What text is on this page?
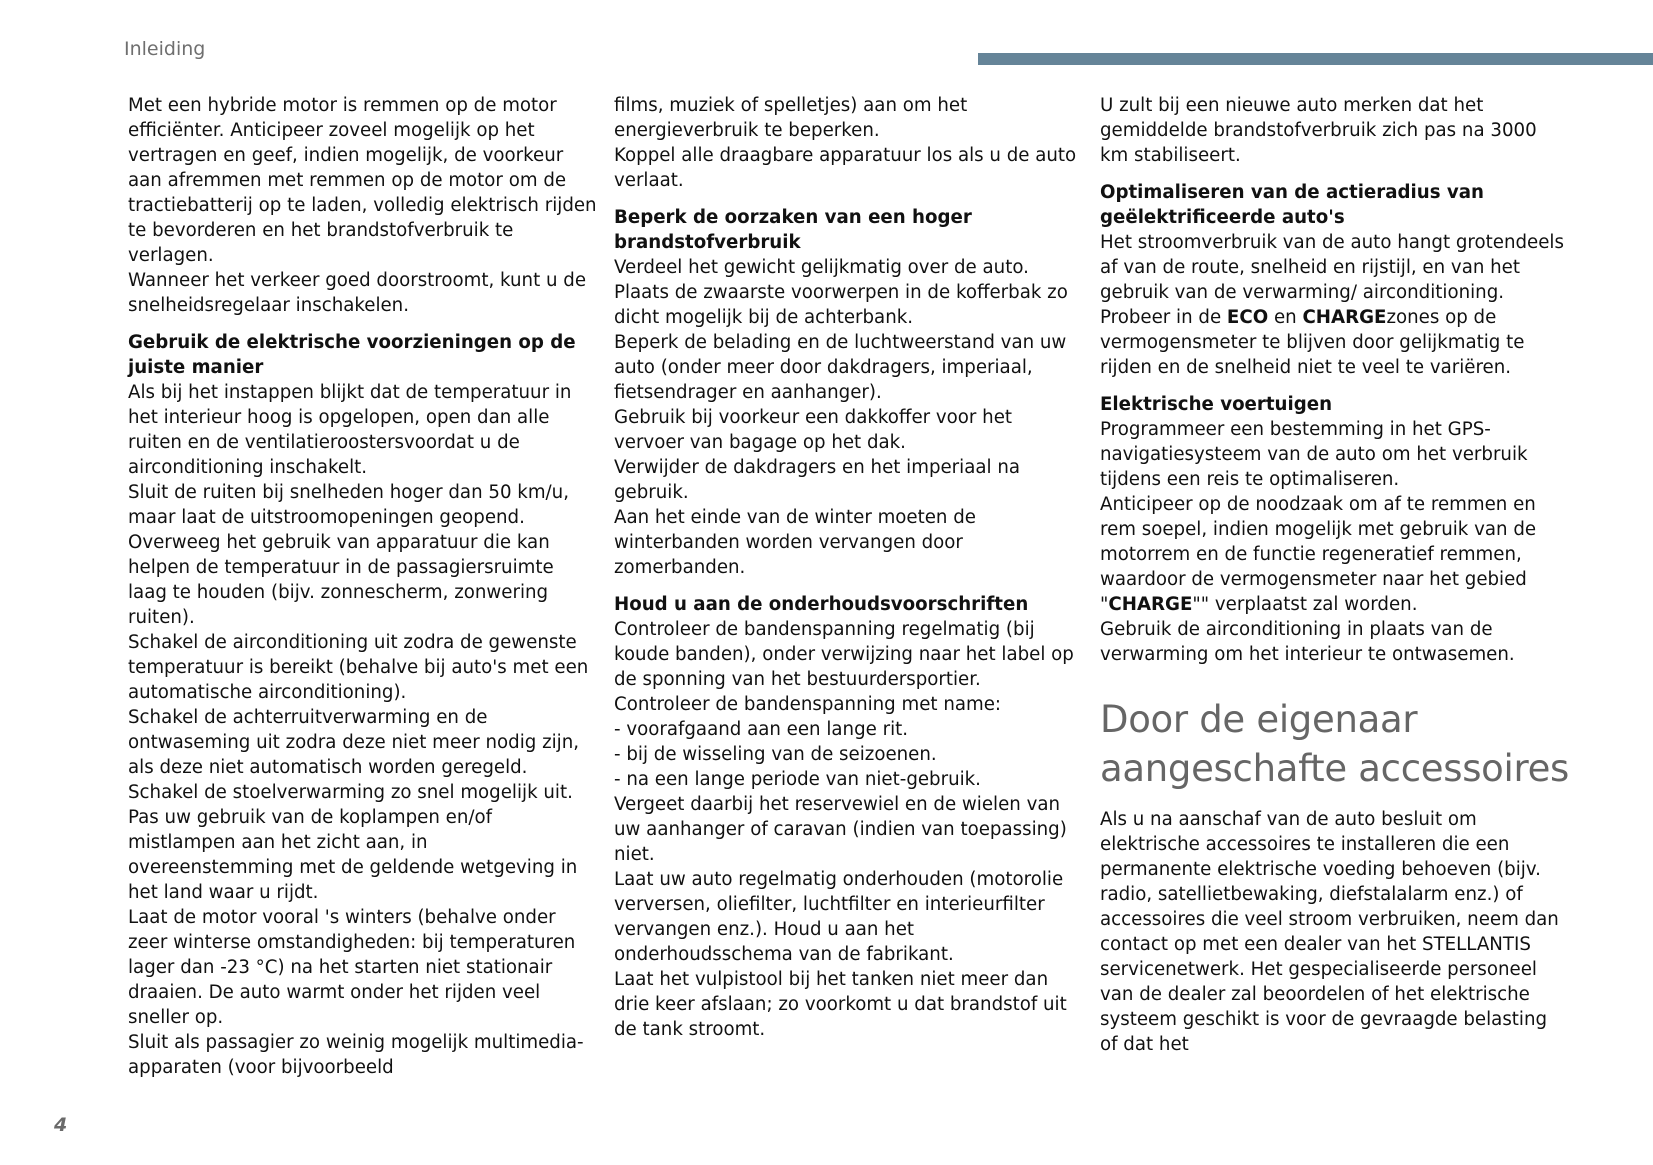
Inleiding

Met een hybride motor is remmen op de motor efficiënter. Anticipeer zoveel mogelijk op het vertragen en geef, indien mogelijk, de voorkeur aan afremmen met remmen op de motor om de tractiebatterij op te laden, volledig elektrisch rijden te bevorderen en het brandstofverbruik te verlagen.

Wanneer het verkeer goed doorstroomt, kunt u de snelheidsregelaar inschakelen.

Gebruik de elektrische voorzieningen op de juiste manier

Als bij het instappen blijkt dat de temperatuur in het interieur hoog is opgelopen, open dan alle ruiten en de ventilatieroostersvoordat u de airconditioning inschakelt.

Sluit de ruiten bij snelheden hoger dan 50 km/u, maar laat de uitstroomopeningen geopend.

Overweeg het gebruik van apparatuur die kan helpen de temperatuur in de passagiersruimte laag te houden (bijv. zonnescherm, zonwering ruiten).

Schakel de airconditioning uit zodra de gewenste temperatuur is bereikt (behalve bij auto's met een automatische airconditioning).

Schakel de achterruitverwarming en de ontwaseming uit zodra deze niet meer nodig zijn, als deze niet automatisch worden geregeld.

Schakel de stoelverwarming zo snel mogelijk uit.

Pas uw gebruik van de koplampen en/of mistlampen aan het zicht aan, in overeenstemming met de geldende wetgeving in het land waar u rijdt.

Laat de motor vooral 's winters (behalve onder zeer winterse omstandigheden: bij temperaturen lager dan -23 °C) na het starten niet stationair draaien. De auto warmt onder het rijden veel sneller op.

Sluit als passagier zo weinig mogelijk multimedia-apparaten (voor bijvoorbeeld

films, muziek of spelletjes) aan om het energieverbruik te beperken.

Koppel alle draagbare apparatuur los als u de auto verlaat.

Beperk de oorzaken van een hoger brandstofverbruik

Verdeel het gewicht gelijkmatig over de auto.

Plaats de zwaarste voorwerpen in de kofferbak zo dicht mogelijk bij de achterbank.

Beperk de belading en de luchtweerstand van uw auto (onder meer door dakdragers, imperiaal, fietsendrager en aanhanger).

Gebruik bij voorkeur een dakkoffer voor het vervoer van bagage op het dak.

Verwijder de dakdragers en het imperiaal na gebruik.

Aan het einde van de winter moeten de winterbanden worden vervangen door zomerbanden.

Houd u aan de onderhoudsvoorschriften

Controleer de bandenspanning regelmatig (bij koude banden), onder verwijzing naar het label op de sponning van het bestuurdersportier.

Controleer de bandenspanning met name:

- voorafgaand aan een lange rit.

- bij de wisseling van de seizoenen.

- na een lange periode van niet-gebruik.

Vergeet daarbij het reservewiel en de wielen van uw aanhanger of caravan (indien van toepassing) niet.

Laat uw auto regelmatig onderhouden (motorolie verversen, oliefilter, luchtfilter en interieurfilter vervangen enz.). Houd u aan het onderhoudsschema van de fabrikant.

Laat het vulpistool bij het tanken niet meer dan drie keer afslaan; zo voorkomt u dat brandstof uit de tank stroomt.

U zult bij een nieuwe auto merken dat het gemiddelde brandstofverbruik zich pas na 3000 km stabiliseert.

Optimaliseren van de actieradius van geëlektrificeerde auto's

Het stroomverbruik van de auto hangt grotendeels af van de route, snelheid en rijstijl, en van het gebruik van de verwarming/ airconditioning.

Probeer in de ECO en CHARGEzones op de vermogensmeter te blijven door gelijkmatig te rijden en de snelheid niet te veel te variëren.

Elektrische voertuigen

Programmeer een bestemming in het GPS-navigatiesysteem van de auto om het verbruik tijdens een reis te optimaliseren.

Anticipeer op de noodzaak om af te remmen en rem soepel, indien mogelijk met gebruik van de motorrem en de functie regeneratief remmen, waardoor de vermogensmeter naar het gebied "CHARGE"" verplaatst zal worden.

Gebruik de airconditioning in plaats van de verwarming om het interieur te ontwasemen.

Door de eigenaar aangeschafte accessoires

Als u na aanschaf van de auto besluit om elektrische accessoires te installeren die een permanente elektrische voeding behoeven (bijv. radio, satellietbewaking, diefstalalarm enz.) of accessoires die veel stroom verbruiken, neem dan contact op met een dealer van het STELLANTIS servicenetwerk. Het gespecialiseerde personeel van de dealer zal beoordelen of het elektrische systeem geschikt is voor de gevraagde belasting of dat het

4
